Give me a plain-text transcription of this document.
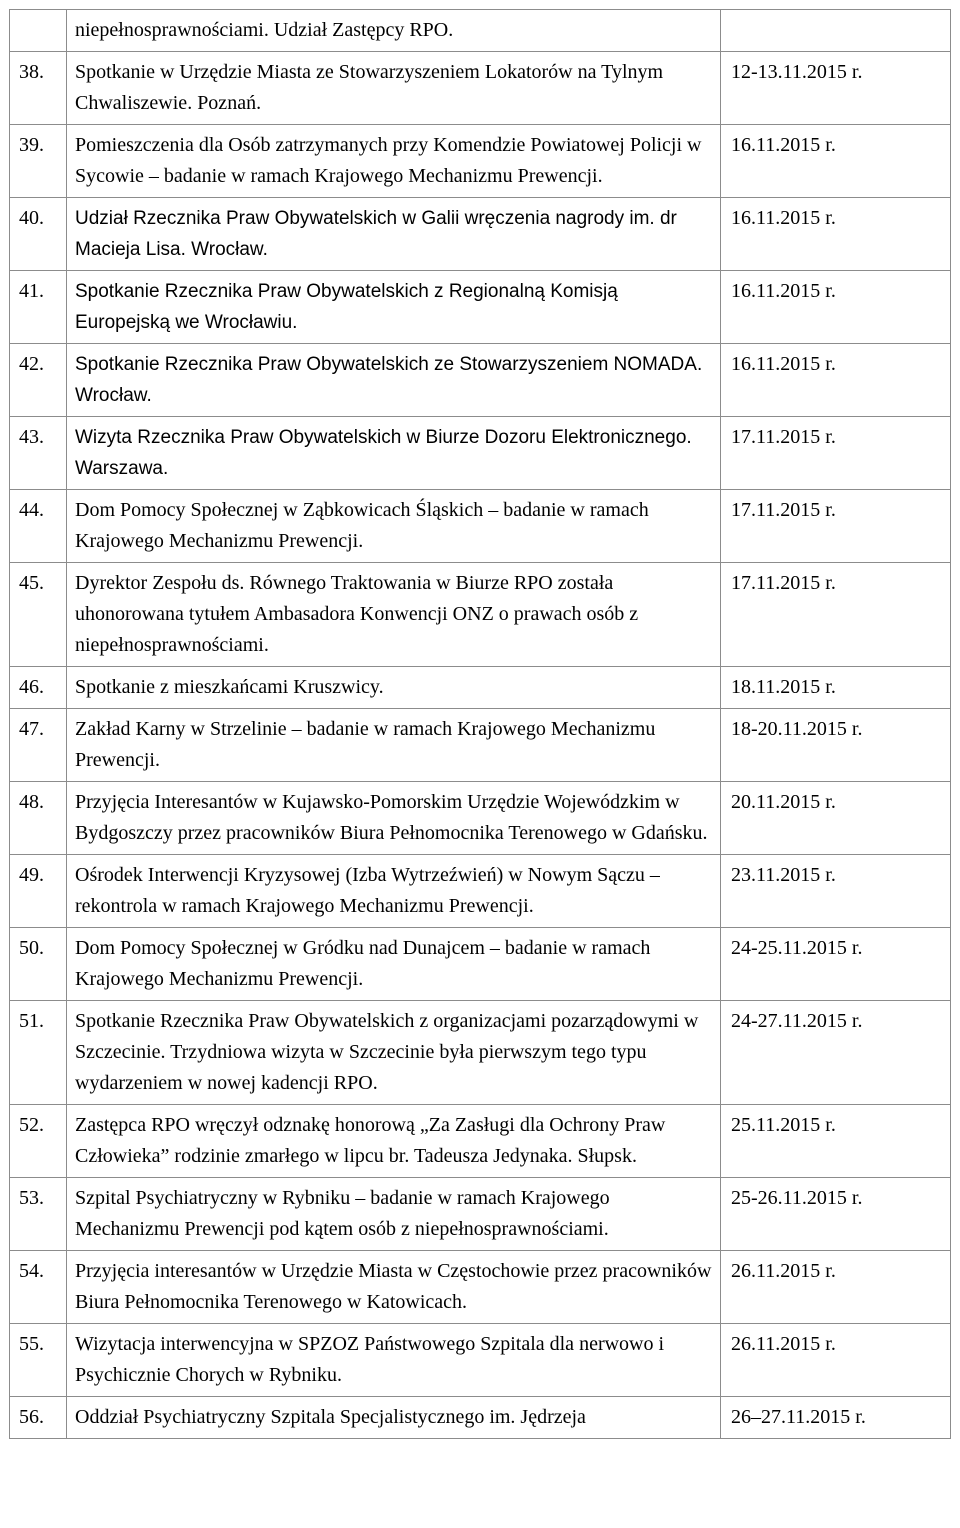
	niepełnosprawnościami. Udział Zastępcy RPO.	
38.	Spotkanie w Urzędzie Miasta ze Stowarzyszeniem Lokatorów na Tylnym Chwaliszewie. Poznań.	12-13.11.2015 r.
39.	Pomieszczenia dla Osób zatrzymanych przy Komendzie Powiatowej Policji w Sycowie – badanie w ramach Krajowego Mechanizmu Prewencji.	16.11.2015 r.
40.	Udział Rzecznika Praw Obywatelskich w Galii wręczenia nagrody im. dr Macieja Lisa. Wrocław.	16.11.2015 r.
41.	Spotkanie Rzecznika Praw Obywatelskich z Regionalną Komisją Europejską we Wrocławiu.	16.11.2015 r.
42.	Spotkanie Rzecznika Praw Obywatelskich ze Stowarzyszeniem NOMADA. Wrocław.	16.11.2015 r.
43.	Wizyta Rzecznika Praw Obywatelskich w Biurze Dozoru Elektronicznego. Warszawa.	17.11.2015 r.
44.	Dom Pomocy Społecznej w Ząbkowicach Śląskich – badanie w ramach Krajowego Mechanizmu Prewencji.	17.11.2015 r.
45.	Dyrektor Zespołu ds. Równego Traktowania w Biurze RPO została uhonorowana tytułem Ambasadora Konwencji ONZ o prawach osób z niepełnosprawnościami.	17.11.2015 r.
46.	Spotkanie z mieszkańcami Kruszwicy.	18.11.2015 r.
47.	Zakład Karny w Strzelinie – badanie w ramach Krajowego Mechanizmu Prewencji.	18-20.11.2015 r.
48.	Przyjęcia Interesantów w Kujawsko-Pomorskim Urzędzie Wojewódzkim w Bydgoszczy przez pracowników Biura Pełnomocnika Terenowego w Gdańsku.	20.11.2015 r.
49.	Ośrodek Interwencji Kryzysowej (Izba Wytrzeźwień) w Nowym Sączu – rekontrola w ramach Krajowego Mechanizmu Prewencji.	23.11.2015 r.
50.	Dom Pomocy Społecznej w Gródku nad Dunajcem – badanie w ramach Krajowego Mechanizmu Prewencji.	24-25.11.2015 r.
51.	Spotkanie Rzecznika Praw Obywatelskich z organizacjami pozarządowymi w Szczecinie. Trzydniowa wizyta w Szczecinie była pierwszym tego typu wydarzeniem w nowej kadencji RPO.	24-27.11.2015 r.
52.	Zastępca RPO wręczył odznakę honorową „Za Zasługi dla Ochrony Praw Człowieka” rodzinie zmarłego w lipcu br. Tadeusza Jedynaka. Słupsk.	25.11.2015 r.
53.	Szpital Psychiatryczny w Rybniku – badanie w ramach Krajowego Mechanizmu Prewencji pod kątem osób z niepełnosprawnościami.	25-26.11.2015 r.
54.	Przyjęcia interesantów w Urzędzie Miasta w Częstochowie przez pracowników Biura Pełnomocnika Terenowego w Katowicach.	26.11.2015 r.
55.	Wizytacja interwencyjna w SPZOZ Państwowego Szpitala dla nerwowo i Psychicznie Chorych w Rybniku.	26.11.2015 r.
56.	Oddział Psychiatryczny Szpitala Specjalistycznego im. Jędrzeja	26–27.11.2015 r.
